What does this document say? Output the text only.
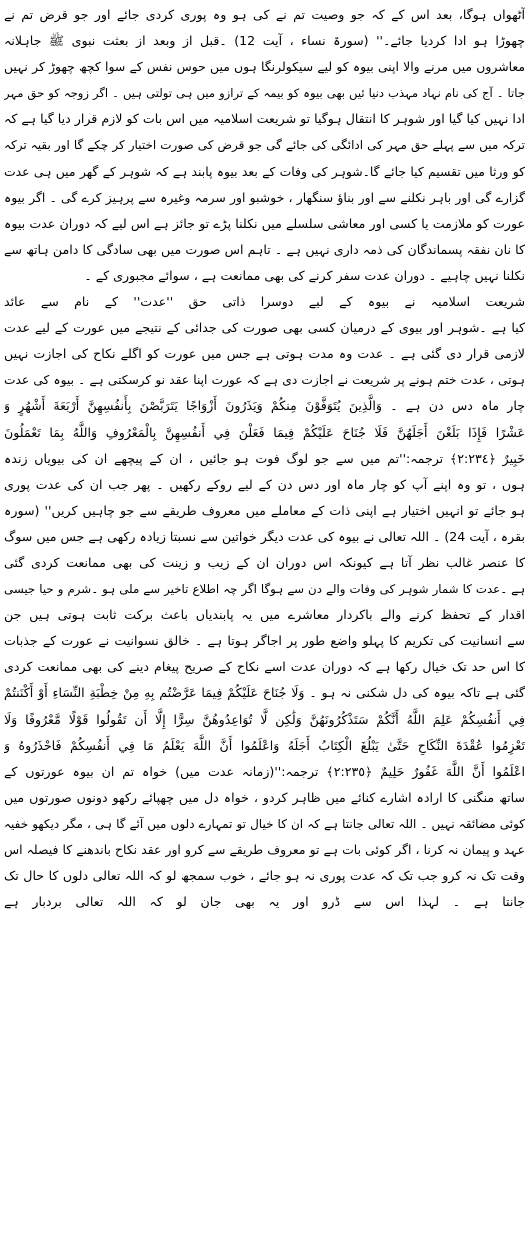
آٹھواں ہوگا، بعد اس کے کہ جو وصیت تم نے کی ہو وہ پوری کردی جائے اور جو قرض تم نے
چھوڑا ہو ادا کردیا جائے۔'' (سورۃ نساء ، آیت 12) ۔قبل از وبعد از بعثت نبوی ﷺ جاہلانہ
معاشروں میں مرنے والا اپنی بیوہ کو لیے سیکولرنگا ہوں میں حوس نفس کے سوا کچھ چھوڑ کر نہیں
جاتا ۔ آج کی نام نہاد مہذب دنیا ئیں بھی بیوہ کو بیمہ کے ترازو میں ہی تولتی ہیں ۔ اگر زوجہ کو حق مہر
ادا نہیں کیا گیا اور شوہر کا انتقال ہوگیا تو شریعت اسلامیہ میں اس بات کو لازم قرار دیا گیا ہے کہ
ترکہ میں سے پہلے حق مہر کی ادائگی کی جائے گی جو قرض کی صورت اختیار کر چکے گا اور بقیہ ترکہ
کو ورثا میں تقسیم کیا جائے گا۔شوہر کی وفات کے بعد بیوہ پابند ہے کہ شوہر کے گھر میں ہی عدت
گزارے گی اور باہر نکلنے سے اور بناؤ سنگھار ، خوشبو اور سرمہ وغیرہ سے پرہیز کرے گی ۔ اگر بیوہ
عورت کو ملازمت یا کسی اور معاشی سلسلے میں نکلنا پڑے تو جائز ہے اس لیے کہ دوران عدت بیوہ
کا نان نفقہ پسماندگان کی ذمہ داری نہیں ہے ۔ تاہم اس صورت میں بھی سادگی کا دامن ہاتھ سے
نکلنا نہیں چاہیے ۔ دوران عدت سفر کرنے کی بھی ممانعت ہے ، سوائے مجبوری کے ۔
شریعت اسلامیہ نے بیوہ کے لیے دوسرا ذاتی حق ''عدت'' کے نام سے عائد
کیا ہے ۔شوہر اور بیوی کے درمیان کسی بھی صورت کی جدائی کے نتیجے میں عورت کے لیے عدت
لازمی قرار دی گئی ہے ۔ عدت وہ مدت ہوتی ہے جس میں عورت کو اگلے نکاح کی اجازت نہیں
ہوتی ، عدت ختم ہونے پر شریعت نے اجازت دی ہے کہ عورت اپنا عقد نو کرسکتی ہے ۔ بیوہ کی عدت
چار ماہ دس دن ہے ۔ وَالَّذِينَ يُتَوَفَّوْنَ مِنكُمْ وَيَذَرُونَ أَزْوَاجًا يَتَرَبَّصْنَ بِأَنفُسِهِنَّ أَرْبَعَةَ أَشْهُرٍ وَ
عَشْرًا فَإِذَا بَلَغْنَ أَجَلَهُنَّ فَلَا جُنَاحَ عَلَيْكُمْ فِيمَا فَعَلْنَ فِي أَنفُسِهِنَّ بِالْمَعْرُوفِ وَاللَّهُ بِمَا تَعْمَلُونَ
خَبِيرٌ ﴿٢:٢٣٤﴾ ترجمہ:''تم میں سے جو لوگ فوت ہو جائیں ، ان کے پیچھے ان کی بیویاں زندہ
ہوں ، تو وہ اپنے آپ کو چار ماہ اور دس دن کے لیے روکے رکھیں ۔ پھر جب ان کی عدت پوری
ہو جائے تو انہیں اختیار ہے اپنی ذات کے معاملے میں معروف طریقے سے جو چاہیں کریں'' (سورہ
بقرہ ، آیت 24) ۔ اللہ تعالی نے بیوہ کی عدت دیگر خواتین سے نسبتا زیادہ رکھی ہے جس میں سوگ
کا عنصر غالب نظر آتا ہے کیونکہ اس دوران ان کے زیب و زینت کی بھی ممانعت کردی گئی
ہے ۔عدت کا شمار شوہر کی وفات والے دن سے ہوگا اگر چہ اطلاع تاخیر سے ملی ہو ۔شرم و حیا جیسی
اقدار کے تحفظ کرنے والے باکردار معاشرے میں یہ پابندیاں باعث برکت ثابت ہوتی ہیں جن
سے انسانیت کی تکریم کا پہلو واضع طور پر اجاگر ہوتا ہے ۔ خالق نسوانیت نے عورت کے جذبات
کا اس حد تک خیال رکھا ہے کہ دوران عدت اسے نکاح کے صریح پیغام دینے کی بھی ممانعت کردی
گئی ہے تاکہ بیوہ کی دل شکنی نہ ہو ۔ وَلَا جُنَاحَ عَلَيْكُمْ فِيمَا عَرَّضْتُم بِهِ مِنْ خِطْبَةِ النِّسَاءِ أَوْ أَكْنَنتُمْ
فِي أَنفُسِكُمْ عَلِمَ اللَّهُ أَنَّكُمْ سَتَذْكُرُونَهُنَّ وَلَٰكِن لَّا تُوَاعِدُوهُنَّ سِرًّا إِلَّا أَن تَقُولُوا قَوْلًا مَّعْرُوفًا وَلَا
تَعْزِمُوا عُقْدَةَ النِّكَاحِ حَتَّىٰ يَبْلُغَ الْكِتَابُ أَجَلَهُ وَاعْلَمُوا أَنَّ اللَّهَ يَعْلَمُ مَا فِي أَنفُسِكُمْ فَاحْذَرُوهُ وَ
اعْلَمُوا أَنَّ اللَّهَ غَفُورٌ حَلِيمٌ ﴿٢:٢٣٥﴾ ترجمہ:''(زمانہ عدت میں) خواہ تم ان بیوہ عورتوں کے
ساتھ منگنی کا ارادہ اشارے کنائے میں ظاہر کردو ، خواہ دل میں چھپائے رکھو دونوں صورتوں میں
کوئی مضائقہ نہیں ۔ اللہ تعالی جانتا ہے کہ ان کا خیال تو تمہارے دلوں میں آئے گا ہی ، مگر دیکھو خفیہ
عہد و پیمان نہ کرنا ، اگر کوئی بات ہے تو معروف طریقے سے کرو اور عقد نکاح باندھنے کا فیصلہ اس
وقت تک نہ کرو جب تک کہ عدت پوری نہ ہو جائے ، خوب سمجھ لو کہ اللہ تعالی دلوں کا حال تک
جانتا ہے ۔ لہذا اس سے ڈرو اور یہ بھی جان لو کہ اللہ تعالی بردبار ہے
